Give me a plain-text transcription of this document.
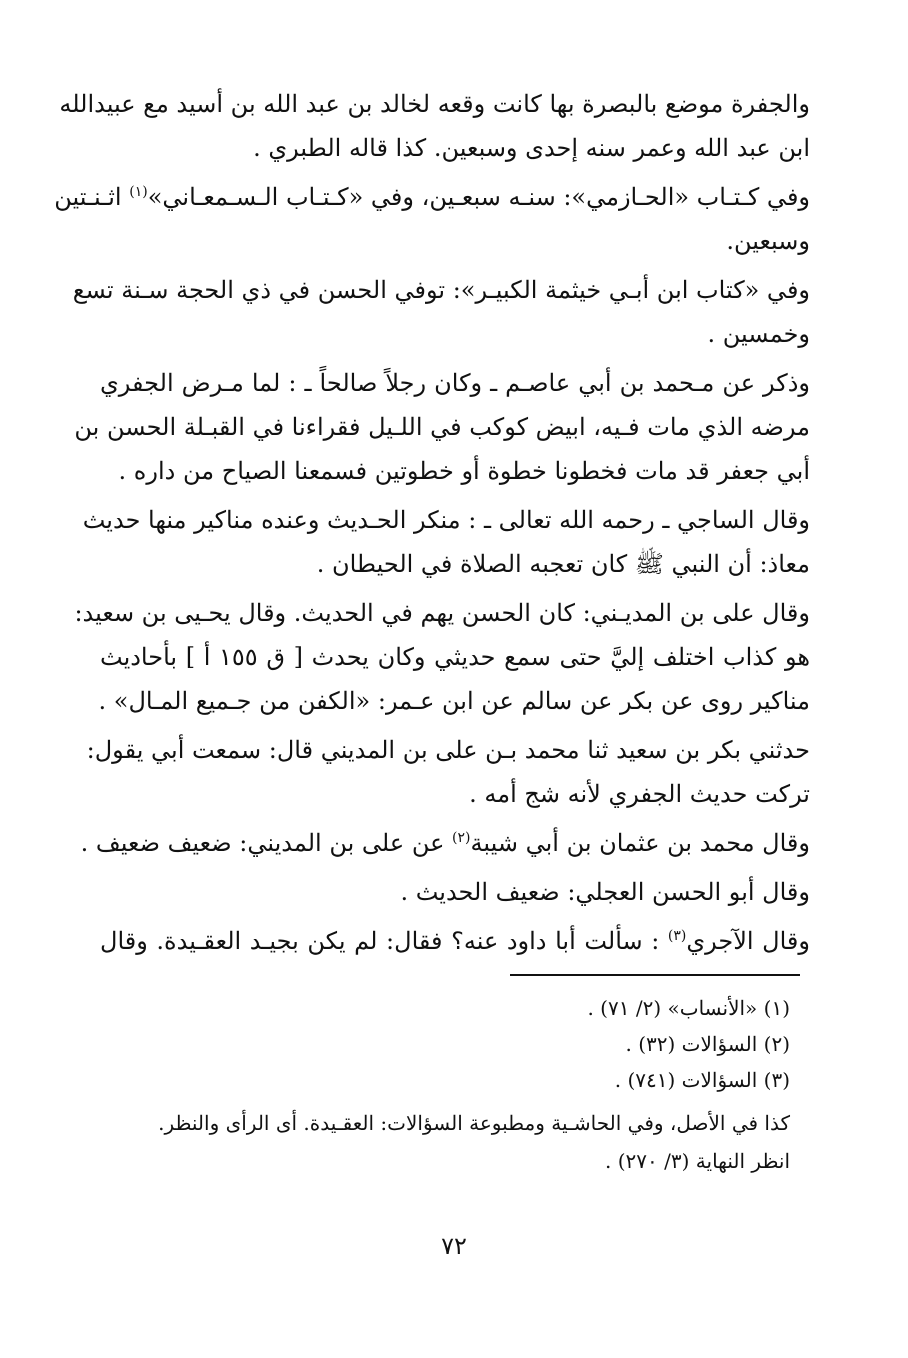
والجفرة موضع بالبصرة بها كانت وقعه لخالد بن عبد الله بن أسيد مع عبيدالله
ابن عبد الله وعمر سنه إحدى وسبعين. كذا قاله الطبري .

وفي كـتـاب «الحـازمي»: سنـه سبعـين، وفي «كـتـاب الـسـمعـاني»$^{(١)}$ اثـنـتين
وسبعين.

وفي «كتاب ابن أبـي خيثمة الكبيـر»: توفي الحسن في ذي الحجة سـنة تسع
وخمسين .

وذكر عن مـحمد بن أبي عاصـم ـ وكان رجلاً صالحاً ـ : لما مـرض الجفري
مرضه الذي مات فـيه، ابيض كوكب في اللـيل فقراءنا في القبـلة الحسن بن
أبي جعفر قد مات فخطونا خطوة أو خطوتين فسمعنا الصياح من داره .

وقال الساجي ـ رحمه الله تعالى ـ : منكر الحـديث وعنده مناكير منها حديث
معاذ: أن النبي ﷺ كان تعجبه الصلاة في الحيطان .

وقال على بن المديـني: كان الحسن يهم في الحديث. وقال يحـيى بن سعيد:
هو كذاب اختلف إليَّ حتى سمع حديثي وكان يحدث [ ق ١٥٥ أ ] بأحاديث
مناكير روى عن بكر عن سالم عن ابن عـمر: «الكفن من جـميع المـال» .

حدثني بكر بن سعيد ثنا محمد بـن على بن المديني قال: سمعت أبي يقول:
تركت حديث الجفري لأنه شج أمه .

وقال محمد بن عثمان بن أبي شيبة$^{(٢)}$ عن على بن المديني: ضعيف ضعيف .

وقال أبو الحسن العجلي: ضعيف الحديث .

وقال الآجري$^{(٣)}$ : سألت أبا داود عنه؟ فقال: لم يكن بجيـد العقـيدة. وقال

(١) «الأنساب» (٢/ ٧١) .
(٢) السؤالات (٣٢) .
(٣) السؤالات (٧٤١) .
كذا في الأصل، وفي الحاشـية ومطبوعة السؤالات: العقـيدة. أى الرأى والنظر.
انظر النهاية (٣/ ٢٧٠) .
٧٢
